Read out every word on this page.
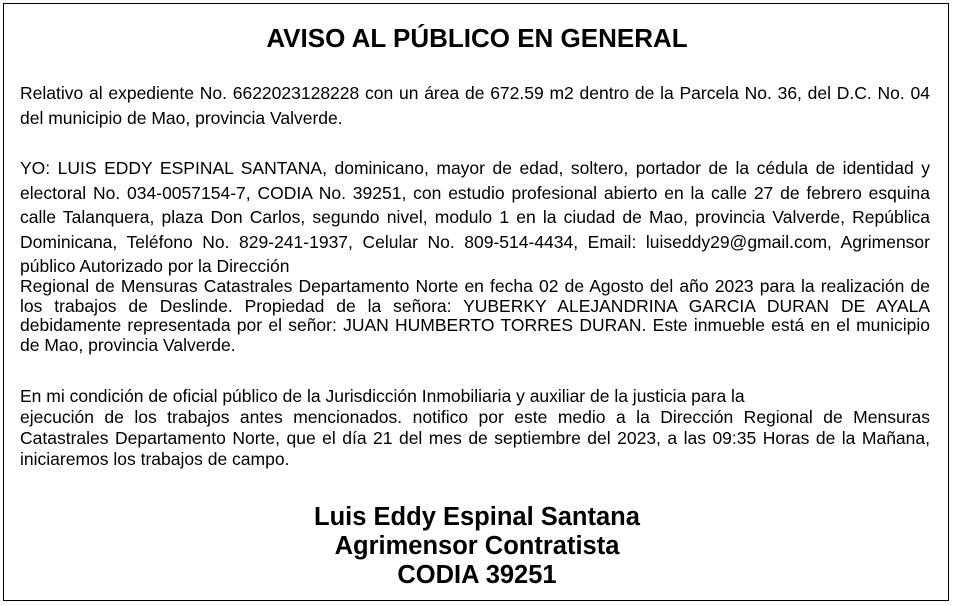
AVISO AL PÚBLICO EN GENERAL

Relativo al expediente No. 6622023128228 con un área de 672.59 m2 dentro de la Parcela No. 36, del D.C. No. 04 del municipio de Mao, provincia Valverde.

YO: LUIS EDDY ESPINAL SANTANA, dominicano, mayor de edad, soltero, portador de la cédula de identidad y electoral No. 034-0057154-7, CODIA No. 39251, con estudio profesional abierto en la calle 27 de febrero esquina calle Talanquera, plaza Don Carlos, segundo nivel, modulo 1 en la ciudad de Mao, provincia Valverde, República Dominicana, Teléfono No. 829-241-1937, Celular No. 809-514-4434, Email: luiseddy29@gmail.com, Agrimensor público Autorizado por la Dirección

Regional de Mensuras Catastrales Departamento Norte en fecha 02 de Agosto del año 2023 para la realización de los trabajos de Deslinde. Propiedad de la señora: YUBERKY ALEJANDRINA GARCIA DURAN DE AYALA debidamente representada por el señor: JUAN HUMBERTO TORRES DURAN. Este inmueble está en el municipio de Mao, provincia Valverde.

En mi condición de oficial público de la Jurisdicción Inmobiliaria y auxiliar de la justicia para la

ejecución de los trabajos antes mencionados. notifico por este medio a la Dirección Regional de Mensuras Catastrales Departamento Norte, que el día 21 del mes de septiembre del 2023, a las 09:35 Horas de la Mañana, iniciaremos los trabajos de campo.

Luis Eddy Espinal Santana
Agrimensor Contratista
CODIA 39251
